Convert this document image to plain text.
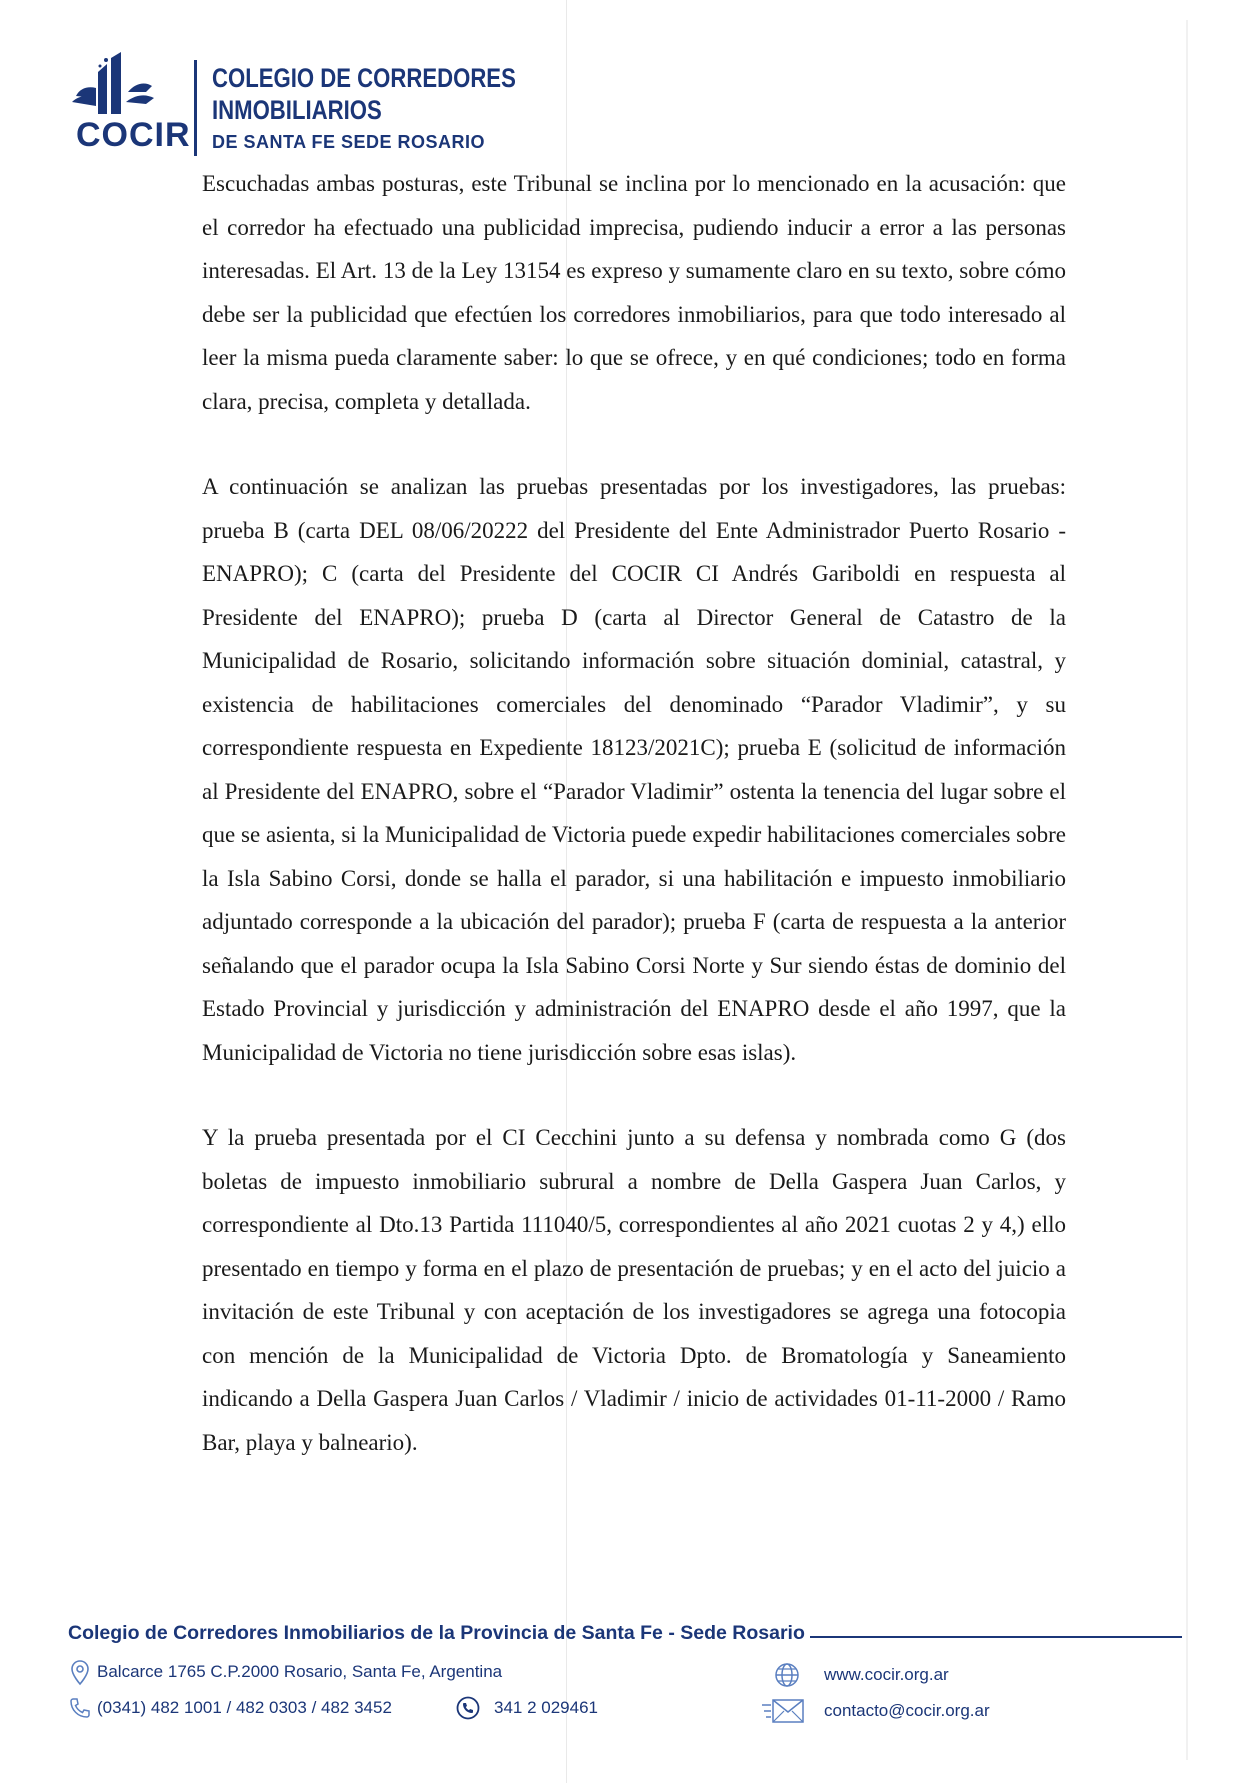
COCIR
COLEGIO DE CORREDORES
INMOBILIARIOS
DE SANTA FE SEDE ROSARIO

Escuchadas ambas posturas, este Tribunal se inclina por lo mencionado en la acusación: que el corredor ha efectuado una publicidad imprecisa, pudiendo inducir a error a las personas interesadas. El Art. 13 de la Ley 13154 es expreso y sumamente claro en su texto, sobre cómo debe ser la publicidad que efectúen los corredores inmobiliarios, para que todo interesado al leer la misma pueda claramente saber: lo que se ofrece, y en qué condiciones; todo en forma clara, precisa, completa y detallada.

A continuación se analizan las pruebas presentadas por los investigadores, las pruebas: prueba B (carta DEL 08/06/20222 del Presidente del Ente Administrador Puerto Rosario - ENAPRO); C (carta del Presidente del COCIR CI Andrés Gariboldi en respuesta al Presidente del ENAPRO); prueba D (carta al Director General de Catastro de la Municipalidad de Rosario, solicitando información sobre situación dominial, catastral, y existencia de habilitaciones comerciales del denominado “Parador Vladimir”, y su correspondiente respuesta en Expediente 18123/2021C); prueba E (solicitud de información al Presidente del ENAPRO, sobre el “Parador Vladimir” ostenta la tenencia del lugar sobre el que se asienta, si la Municipalidad de Victoria puede expedir habilitaciones comerciales sobre la Isla Sabino Corsi, donde se halla el parador, si una habilitación e impuesto inmobiliario adjuntado corresponde a la ubicación del parador); prueba F (carta de respuesta a la anterior señalando que el parador ocupa la Isla Sabino Corsi Norte y Sur siendo éstas de dominio del Estado Provincial y jurisdicción y administración del ENAPRO desde el año 1997, que la Municipalidad de Victoria no tiene jurisdicción sobre esas islas).

Y la prueba presentada por el CI Cecchini junto a su defensa y nombrada como G (dos boletas de impuesto inmobiliario subrural a nombre de Della Gaspera Juan Carlos, y correspondiente al Dto.13 Partida 111040/5, correspondientes al año 2021 cuotas 2 y 4,) ello presentado en tiempo y forma en el plazo de presentación de pruebas; y en el acto del juicio a invitación de este Tribunal y con aceptación de los investigadores se agrega una fotocopia con mención de la Municipalidad de Victoria Dpto. de Bromatología y Saneamiento indicando a Della Gaspera Juan Carlos / Vladimir / inicio de actividades 01-11-2000 / Ramo Bar, playa y balneario).

Colegio de Corredores Inmobiliarios de la Provincia de Santa Fe - Sede Rosario
Balcarce 1765 C.P.2000 Rosario, Santa Fe, Argentina
(0341) 482 1001 / 482 0303 / 482 3452	341 2 029461
www.cocir.org.ar
contacto@cocir.org.ar
